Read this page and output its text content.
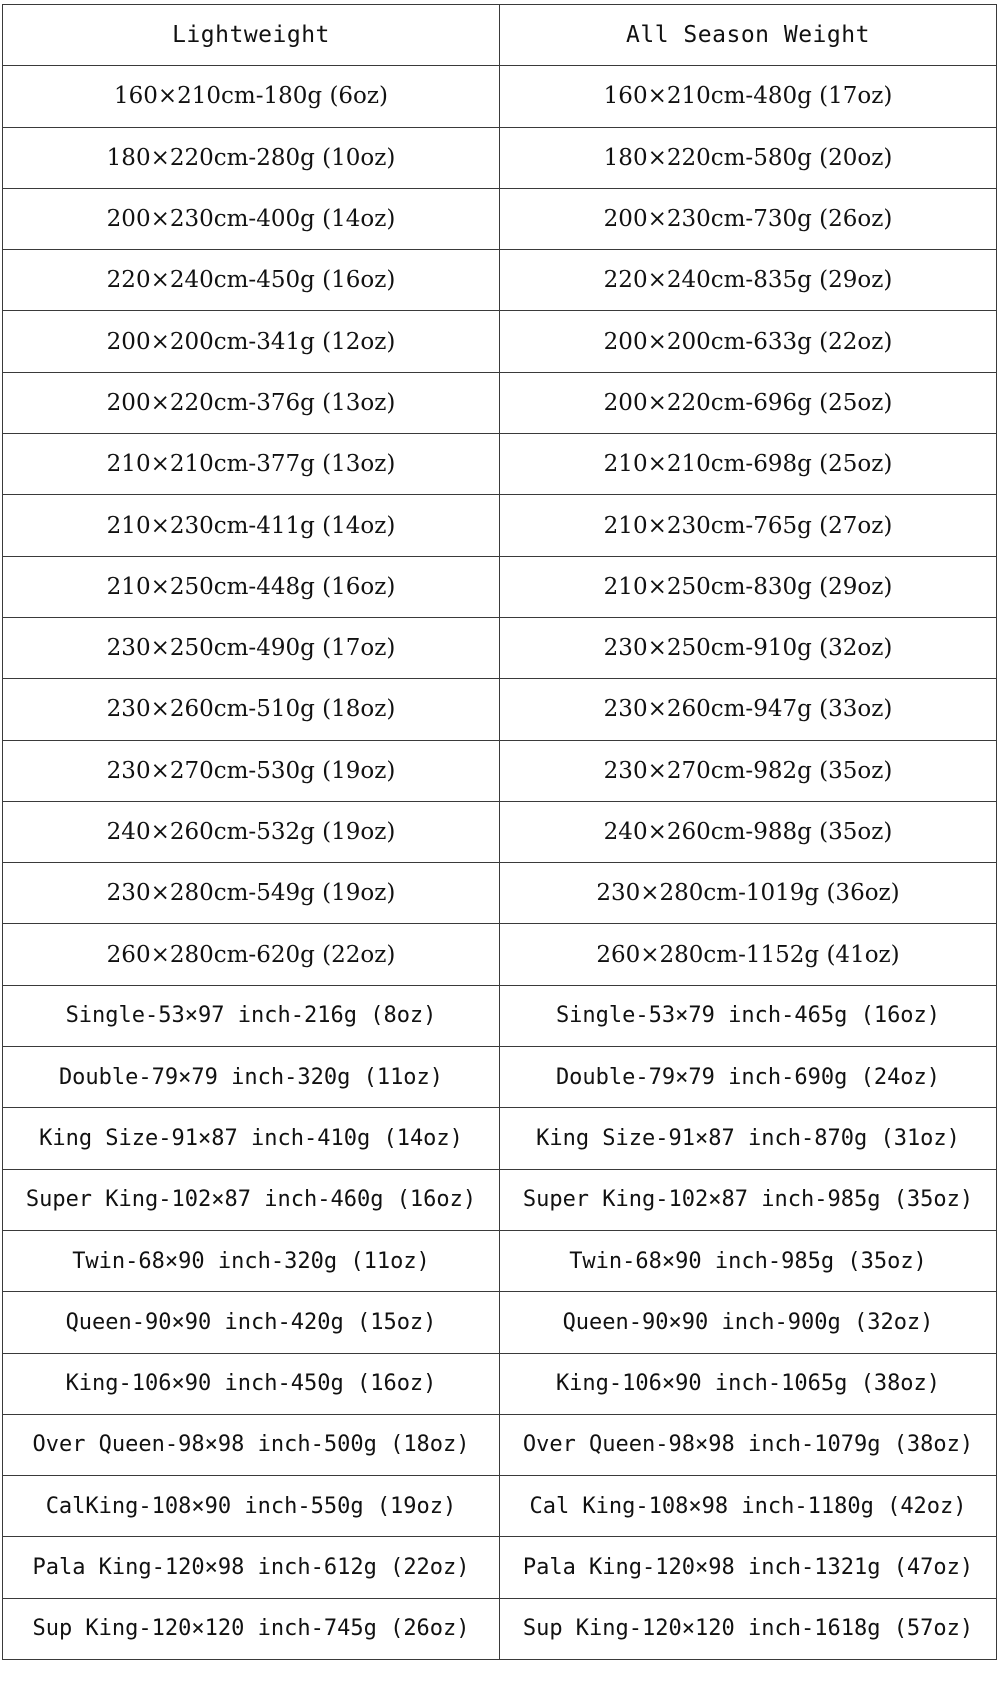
Lightweight	All Season Weight
160×210cm-180g (6oz)	160×210cm-480g (17oz)
180×220cm-280g (10oz)	180×220cm-580g (20oz)
200×230cm-400g (14oz)	200×230cm-730g (26oz)
220×240cm-450g (16oz)	220×240cm-835g (29oz)
200×200cm-341g (12oz)	200×200cm-633g (22oz)
200×220cm-376g (13oz)	200×220cm-696g (25oz)
210×210cm-377g (13oz)	210×210cm-698g (25oz)
210×230cm-411g (14oz)	210×230cm-765g (27oz)
210×250cm-448g (16oz)	210×250cm-830g (29oz)
230×250cm-490g (17oz)	230×250cm-910g (32oz)
230×260cm-510g (18oz)	230×260cm-947g (33oz)
230×270cm-530g (19oz)	230×270cm-982g (35oz)
240×260cm-532g (19oz)	240×260cm-988g (35oz)
230×280cm-549g (19oz)	230×280cm-1019g (36oz)
260×280cm-620g (22oz)	260×280cm-1152g (41oz)
Single-53×97 inch-216g (8oz)	Single-53×79 inch-465g (16oz)
Double-79×79 inch-320g (11oz)	Double-79×79 inch-690g (24oz)
King Size-91×87 inch-410g (14oz)	King Size-91×87 inch-870g (31oz)
Super King-102×87 inch-460g (16oz)	Super King-102×87 inch-985g (35oz)
Twin-68×90 inch-320g (11oz)	Twin-68×90 inch-985g (35oz)
Queen-90×90 inch-420g (15oz)	Queen-90×90 inch-900g (32oz)
King-106×90 inch-450g (16oz)	King-106×90 inch-1065g (38oz)
Over Queen-98×98 inch-500g (18oz)	Over Queen-98×98 inch-1079g (38oz)
CalKing-108×90 inch-550g (19oz)	Cal King-108×98 inch-1180g (42oz)
Pala King-120×98 inch-612g (22oz)	Pala King-120×98 inch-1321g (47oz)
Sup King-120×120 inch-745g (26oz)	Sup King-120×120 inch-1618g (57oz)
